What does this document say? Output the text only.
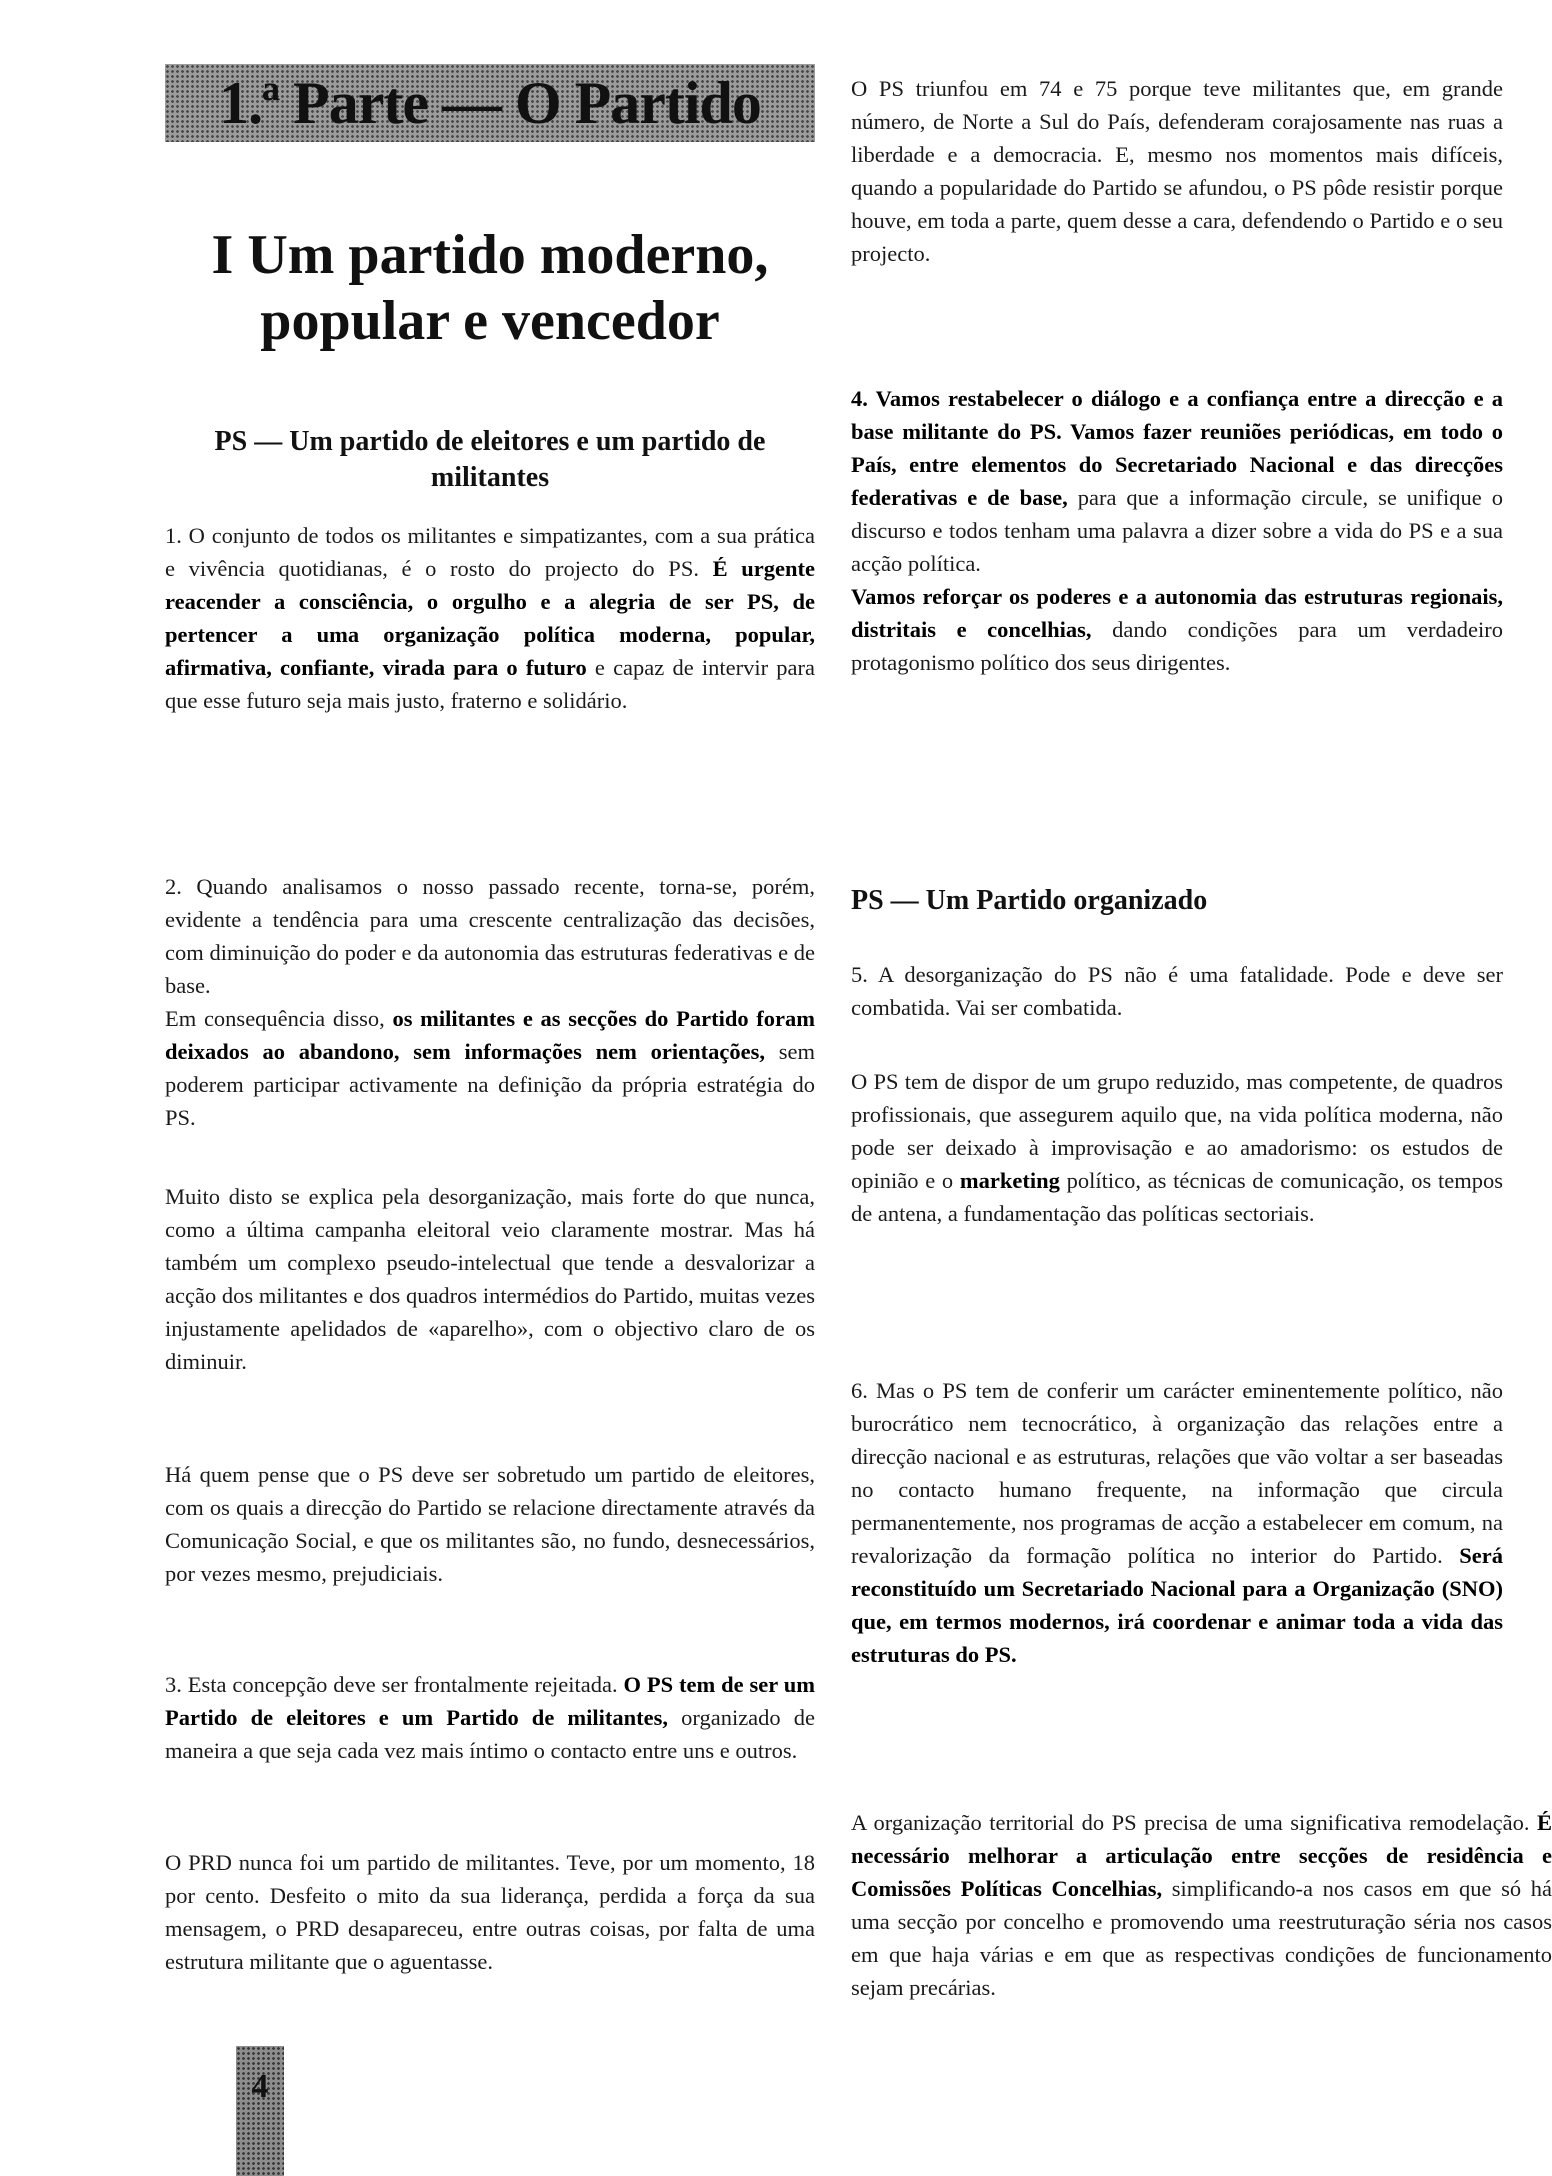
1.ª Parte — O Partido
I Um partido moderno,
popular e vencedor
PS — Um partido de eleitores e um partido de militantes

1. O conjunto de todos os militantes e simpatizantes, com a sua prática e vivência quotidianas, é o rosto do projecto do PS. É urgente reacender a consciência, o orgulho e a alegria de ser PS, de pertencer a uma organização política moderna, popular, afirmativa, confiante, virada para o futuro e capaz de intervir para que esse futuro seja mais justo, fraterno e solidário.

2. Quando analisamos o nosso passado recente, torna-se, porém, evidente a tendência para uma crescente centralização das decisões, com diminuição do poder e da autonomia das estruturas federativas e de base.
Em consequência disso, os militantes e as secções do Partido foram deixados ao abandono, sem informações nem orientações, sem poderem participar activamente na definição da própria estratégia do PS.

Muito disto se explica pela desorganização, mais forte do que nunca, como a última campanha eleitoral veio claramente mostrar. Mas há também um complexo pseudo-intelectual que tende a desvalorizar a acção dos militantes e dos quadros intermédios do Partido, muitas vezes injustamente apelidados de «aparelho», com o objectivo claro de os diminuir.

Há quem pense que o PS deve ser sobretudo um partido de eleitores, com os quais a direcção do Partido se relacione directamente através da Comunicação Social, e que os militantes são, no fundo, desnecessários, por vezes mesmo, prejudiciais.

3. Esta concepção deve ser frontalmente rejeitada. O PS tem de ser um Partido de eleitores e um Partido de militantes, organizado de maneira a que seja cada vez mais íntimo o contacto entre uns e outros.

O PRD nunca foi um partido de militantes. Teve, por um momento, 18 por cento. Desfeito o mito da sua liderança, perdida a força da sua mensagem, o PRD desapareceu, entre outras coisas, por falta de uma estrutura militante que o aguentasse.

O PS triunfou em 74 e 75 porque teve militantes que, em grande número, de Norte a Sul do País, defenderam corajosamente nas ruas a liberdade e a democracia. E, mesmo nos momentos mais difíceis, quando a popularidade do Partido se afundou, o PS pôde resistir porque houve, em toda a parte, quem desse a cara, defendendo o Partido e o seu projecto.

4. Vamos restabelecer o diálogo e a confiança entre a direcção e a base militante do PS. Vamos fazer reuniões periódicas, em todo o País, entre elementos do Secretariado Nacional e das direcções federativas e de base, para que a informação circule, se unifique o discurso e todos tenham uma palavra a dizer sobre a vida do PS e a sua acção política.
Vamos reforçar os poderes e a autonomia das estruturas regionais, distritais e concelhias, dando condições para um verdadeiro protagonismo político dos seus dirigentes.

PS — Um Partido organizado

5. A desorganização do PS não é uma fatalidade. Pode e deve ser combatida. Vai ser combatida.

O PS tem de dispor de um grupo reduzido, mas competente, de quadros profissionais, que assegurem aquilo que, na vida política moderna, não pode ser deixado à improvisação e ao amadorismo: os estudos de opinião e o marketing político, as técnicas de comunicação, os tempos de antena, a fundamentação das políticas sectoriais.

6. Mas o PS tem de conferir um carácter eminentemente político, não burocrático nem tecnocrático, à organização das relações entre a direcção nacional e as estruturas, relações que vão voltar a ser baseadas no contacto humano frequente, na informação que circula permanentemente, nos programas de acção a estabelecer em comum, na revalorização da formação política no interior do Partido. Será reconstituído um Secretariado Nacional para a Organização (SNO) que, em termos modernos, irá coordenar e animar toda a vida das estruturas do PS.

A organização territorial do PS precisa de uma significativa remodelação. É necessário melhorar a articulação entre secções de residência e Comissões Políticas Concelhias, simplificando-a nos casos em que só há uma secção por concelho e promovendo uma reestruturação séria nos casos em que haja várias e em que as respectivas condições de funcionamento sejam precárias.

4
